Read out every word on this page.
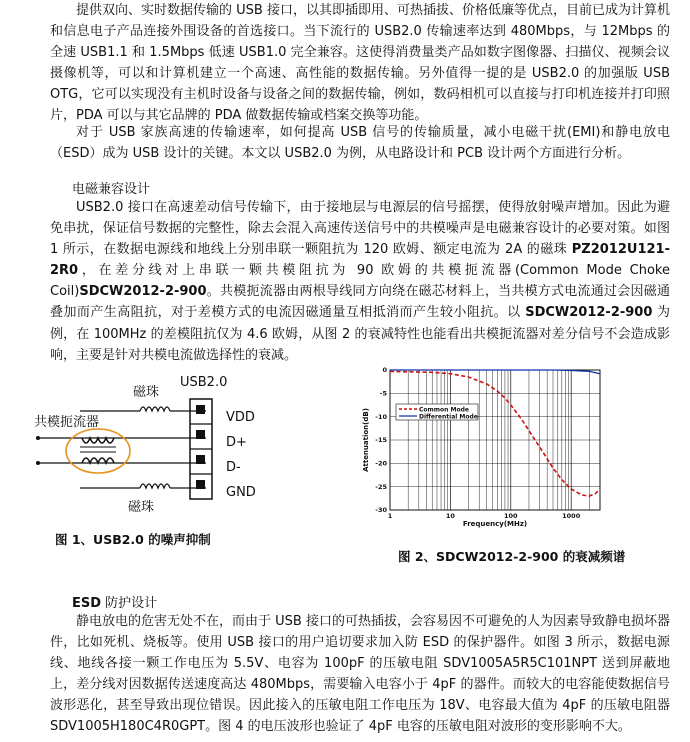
提供双向、实时数据传输的 USB 接口，以其即插即用、可热插拔、价格低廉等优点，目前已成为计算机和信息电子产品连接外围设备的首选接口。当下流行的 USB2.0 传输速率达到 480Mbps，与 12Mbps 的全速 USB1.1 和 1.5Mbps 低速 USB1.0 完全兼容。这使得消费量类产品如数字图像器、扫描仪、视频会议摄像机等，可以和计算机建立一个高速、高性能的数据传输。另外值得一提的是 USB2.0 的加强版 USB OTG，它可以实现没有主机时设备与设备之间的数据传输，例如，数码相机可以直接与打印机连接并打印照片，PDA 可以与其它品牌的 PDA 做数据传输或档案交换等功能。

对于 USB 家族高速的传输速率，如何提高 USB 信号的传输质量，减小电磁干扰(EMI)和静电放电（ESD）成为 USB 设计的关键。本文以 USB2.0 为例，从电路设计和 PCB 设计两个方面进行分析。

电磁兼容设计

USB2.0 接口在高速差动信号传输下，由于接地层与电源层的信号摇摆，使得放射噪声增加。因此为避免串扰，保证信号数据的完整性，除去会混入高速传送信号中的共模噪声是电磁兼容设计的必要对策。如图 1 所示，在数据电源线和地线上分别串联一颗阻抗为 120 欧姆、额定电流为 2A 的磁珠 PZ2012U121-2R0，在差分线对上串联一颗共模阻抗为 90 欧姆的共模扼流器(Common Mode Choke Coil)SDCW2012-2-900。共模扼流器由两根导线同方向绕在磁芯材料上，当共模方式电流通过会因磁通叠加而产生高阻抗，对于差模方式的电流因磁通量互相抵消而产生较小阻抗。以 SDCW2012-2-900 为例，在 100MHz 的差模阻抗仅为 4.6 欧姆，从图 2 的衰减特性也能看出共模扼流器对差分信号不会造成影响，主要是针对共模电流做选择性的衰减。

磁珠
共模扼流器
USB2.0
VDD
D+
D-
GND
磁珠
图 1、USB2.0 的噪声抑制
1	10	100	1000
0
-5
-10
-15
-20
-25
-30
Common Mode
Differential Mode
Frequency(MHz)
Attenuation(dB)
图 2、SDCW2012-2-900 的衰减频谱
ESD 防护设计

静电放电的危害无处不在，而由于 USB 接口的可热插拔，会容易因不可避免的人为因素导致静电损坏器件，比如死机、烧板等。使用 USB 接口的用户追切要求加入防 ESD 的保护器件。如图 3 所示，数据电源线、地线各接一颗工作电压为 5.5V、电容为 100pF 的压敏电阻 SDV1005A5R5C101NPT 送到屏蔽地上，差分线对因数据传送速度高达 480Mbps，需要输入电容小于 4pF 的器件。而较大的电容能使数据信号波形恶化，甚至导致出现位错误。因此接入的压敏电阻工作电压为 18V、电容最大值为 4pF 的压敏电阻器 SDV1005H180C4R0GPT。图 4 的电压波形也验证了 4pF 电容的压敏电阻对波形的变形影响不大。
